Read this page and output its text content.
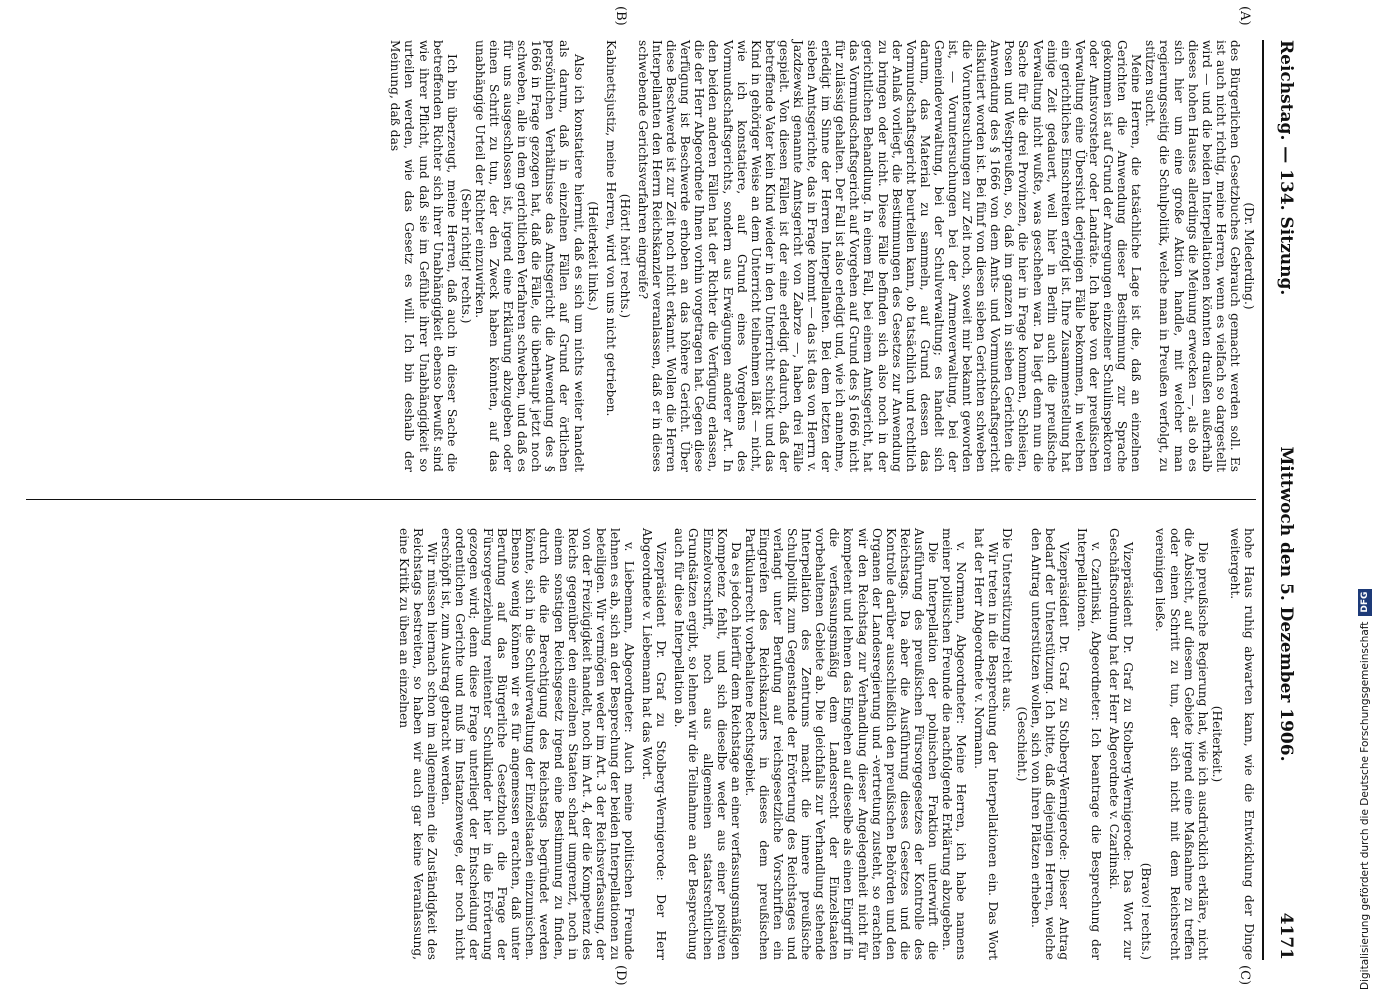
Reichstag. — 134. Sitzung.
Mittwoch den 5. Dezember 1906.
4171
(A)
(B)
(C)
(D)

(Dr. Mlederding.)

des Bürgerlichen Gesetzbuches Gebrauch gemacht werden soll. Es ist auch nicht richtig, meine Herren, wenn es vielfach so dargestellt wird — und die beiden Interpellationen könnten draußen außerhalb dieses hohen Hauses allerdings die Meinung erwecken —, als ob es sich hier um eine große Aktion handle, mit welcher man regierungsseitig die Schulpolitik, welche man in Preußen verfolgt, zu stützen sucht.

Meine Herren, die tatsächliche Lage ist die, daß an einzelnen Gerichten die Anwendung dieser Bestimmung zur Sprache gekommen ist auf Grund der Anregungen einzelner Schulinspektoren oder Amtsvorsteher oder Landräte. Ich habe von der preußischen Verwaltung eine Übersicht derjenigen Fälle bekommen, in welchen ein gerichtliches Einschreiten erfolgt ist. Ihre Zusammenstellung hat einige Zeit gedauert, weil hier in Berlin auch die preußische Verwaltung nicht wußte, was geschehen war. Da liegt denn nun die Sache für die drei Provinzen, die hier in Frage kommen, Schlesien, Posen und Westpreußen, so, daß im ganzen in sieben Gerichten die Anwendung des § 1666 von dem Amts- und Vormundschaftsgericht diskutiert worden ist. Bei fünf von diesen sieben Gerichten schweben die Voruntersuchungen zur Zeit noch, soweit mir bekannt geworden ist, — Voruntersuchungen bei der Armenverwaltung, bei der Gemeindeverwaltung, bei der Schulverwaltung; es handelt sich darum, das Material zu sammeln, auf Grund dessen das Vormundschaftsgericht beurteilen kann, ob tatsächlich und rechtlich der Anlaß vorliegt, die Bestimmungen des Gesetzes zur Anwendung zu bringen oder nicht. Diese Fälle befinden sich also noch in der gerichtlichen Behandlung. In einem Fall, bei einem Amtsgericht, hat das Vormundschaftsgericht auf Vorgehen auf Grund des § 1666 nicht für zulässig gehalten. Der Fall ist also erledigt und, wie ich annehme, erledigt im Sinne der Herren Interpellanten. Bei dem letzten der sieben Amtsgerichte, das in Frage kommt — das ist das von Herrn v. Jazdzewski genannte Amtsgericht von Zabrze —, haben drei Fälle gespielt. Von diesen Fällen ist der eine erledigt dadurch, daß der betreffende Vater kein Kind wieder in den Unterricht schickt und das Kind in gehöriger Weise an dem Unterricht teilnehmen läßt — nicht, wie ich konstatiere, auf Grund eines Vorgehens des Vormundschaftsgerichts, sondern aus Erwägungen anderer Art. In den beiden anderen Fällen hat der Richter die Verfügung erlassen, die der Herr Abgeordnete Ihnen vorhin vorgetragen hat. Gegen diese Verfügung ist Beschwerde erhoben an das höhere Gericht. Über diese Beschwerde ist zur Zeit noch nicht erkannt. Wollen die Herren Interpellanten den Herrn Reichskanzler veranlassen, daß er in dieses schwebende Gerichtsverfahren eingreife?

(Hört! hört! rechts.)

Kabinettsjustiz, meine Herren, wird von uns nicht getrieben.

(Heiterkeit links.)

Also ich konstatiere hiermit, daß es sich um nichts weiter handelt als darum, daß in einzelnen Fällen auf Grund der örtlichen persönlichen Verhältnisse das Amtsgericht die Anwendung des § 1666 in Frage gezogen hat, daß die Fälle, die überhaupt jetzt noch schweben, alle in dem gerichtlichen Verfahren schweben, und daß es für uns ausgeschlossen ist, irgend eine Erklärung abzugeben oder einen Schritt zu tun, der den Zweck haben könnten, auf das unabhängige Urteil der Richter einzuwirken.

(Sehr richtig! rechts.)

Ich bin überzeugt, meine Herren, daß auch in dieser Sache die betreffenden Richter sich ihrer Unabhängigkeit ebenso bewußt sind wie ihrer Pflicht, und daß sie im Gefühle ihrer Unabhängigkeit so urteilen werden, wie das Gesetz es will. Ich bin deshalb der Meinung, daß das

hohe Haus ruhig abwarten kann, wie die Entwicklung der Dinge weitergeht.

(Heiterkeit.)

Die preußische Regierung hat, wie ich ausdrücklich erkläre, nicht die Absicht, auf diesem Gebiete irgend eine Maßnahme zu treffen oder einen Schritt zu tun, der sich nicht mit dem Reichsrecht vereinigen ließe.

(Bravo! rechts.)

Vizepräsident Dr. Graf zu Stolberg-Wernigerode: Das Wort zur Geschäftsordnung hat der Herr Abgeordnete v. Czarlinski.

v. Czarlinski, Abgeordneter: Ich beantrage die Besprechung der Interpellationen.

Vizepräsident Dr. Graf zu Stolberg-Wernigerode: Dieser Antrag bedarf der Unterstützung. Ich bitte, daß diejenigen Herren, welche den Antrag unterstützen wollen, sich von ihren Plätzen erheben.

(Geschieht.)

Die Unterstützung reicht aus.

Wir treten in die Besprechung der Interpellationen ein. Das Wort hat der Herr Abgeordnete v. Normann.

v. Normann, Abgeordneter: Meine Herren, ich habe namens meiner politischen Freunde die nachfolgende Erklärung abzugeben.

Die Interpellation der polnischen Fraktion unterwirft die Ausführung des preußischen Fürsorgegesetzes der Kontrolle des Reichstags. Da aber die Ausführung dieses Gesetzes und die Kontrolle darüber ausschließlich den preußischen Behörden und den Organen der Landesregierung und -vertretung zusteht, so erachten wir den Reichstag zur Verhandlung dieser Angelegenheit nicht für kompetent und lehnen das Eingehen auf dieselbe als einen Eingriff in die verfassungsmäßig dem Landesrecht der Einzelstaaten vorbehaltenen Gebiete ab. Die gleichfalls zur Verhandlung stehende Interpellation des Zentrums macht die innere preußische Schulpolitik zum Gegenstande der Erörterung des Reichstages und verlangt unter Berufung auf reichsgesetzliche Vorschriften ein Eingreifen des Reichskanzlers in dieses dem preußischen Partikularrecht vorbehaltene Rechtsgebiet.

Da es jedoch hierfür dem Reichstage an einer verfassungsmäßigen Kompetenz fehlt, und sich dieselbe weder aus einer positiven Einzelvorschrift, noch aus allgemeinen staatsrechtlichen Grundsätzen ergibt, so lehnen wir die Teilnahme an der Besprechung auch für diese Interpellation ab.

Vizepräsident Dr. Graf zu Stolberg-Wernigerode: Der Herr Abgeordnete v. Liebemann hat das Wort.

v. Liebemann, Abgeordneter: Auch meine politischen Freunde lehnen es ab, sich an der Besprechung der beiden Interpellationen zu beteiligen. Wir vermögen weder im Art. 3 der Reichsverfassung, der von der Freizügigkeit handelt, noch im Art. 4, der die Kompetenz des Reichs gegenüber den einzelnen Staaten scharf umgrenzt, noch in einem sonstigen Reichsgesetz irgend eine Bestimmung zu finden, durch die die Berechtigung des Reichstags begründet werden könnte, sich in die Schulverwaltung der Einzelstaaten einzumischen. Ebenso wenig können wir es für angemessen erachten, daß unter Berufung auf das Bürgerliche Gesetzbuch die Frage der Fürsorgeerziehung renitenter Schulkinder hier in die Erörterung gezogen wird; denn diese Frage unterliegt der Entscheidung der ordentlichen Gerichte und muß im Instanzenwege, der noch nicht erschöpft ist, zum Austrag gebracht werden.

Wir müssen hiernach schon im allgemeinen die Zuständigkeit des Reichstags bestreiten, so haben wir auch gar keine Veranlassung, eine Kritik zu üben an einzelnen	Digitalisierung gefördert durch die Deutsche Forschungsgemeinschaft
DFG
